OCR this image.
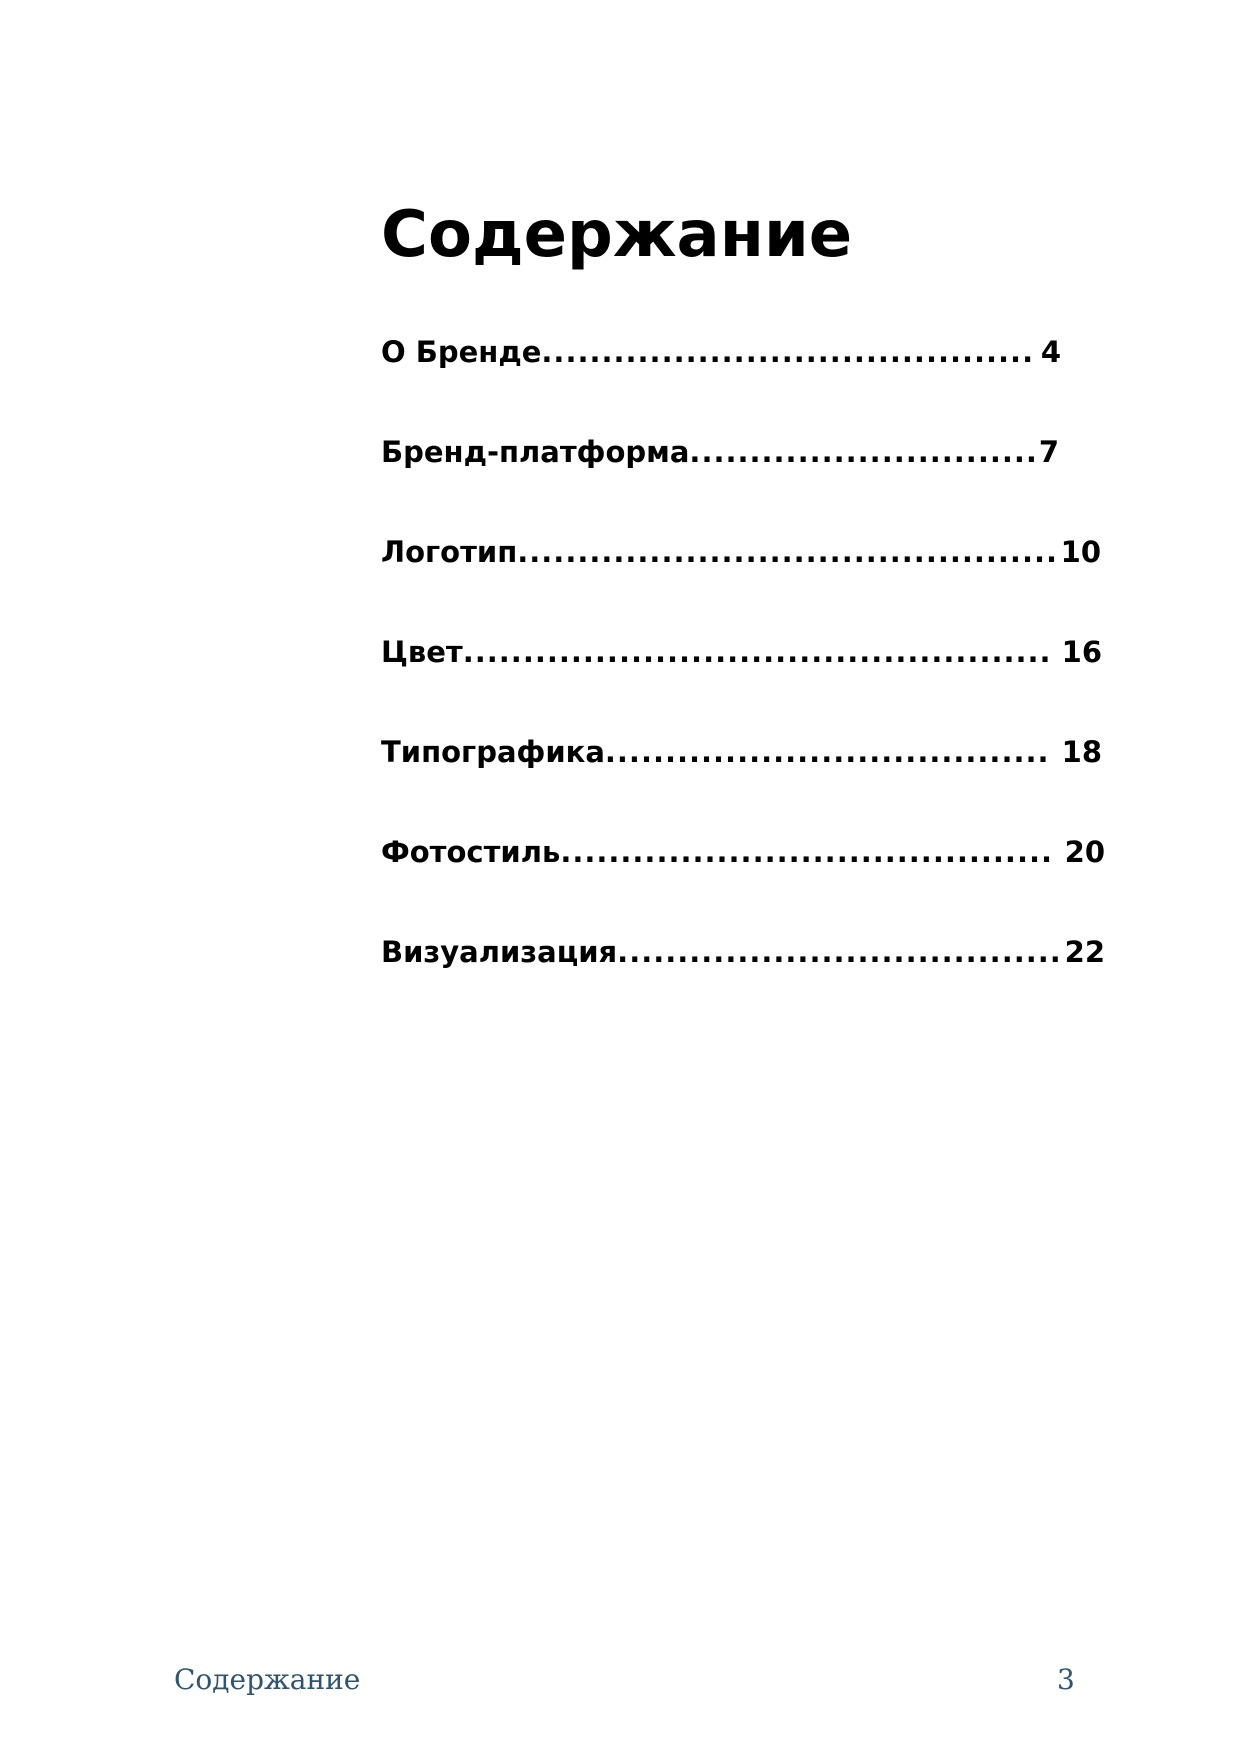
Содержание
О Бренде ......................................... 4
Бренд-платформа ............................. 7
Логотип ............................................. 10
Цвет ................................................. 16
Типографика ..................................... 18
Фотостиль ......................................... 20
Визуализация ..................................... 22
Содержание	3
